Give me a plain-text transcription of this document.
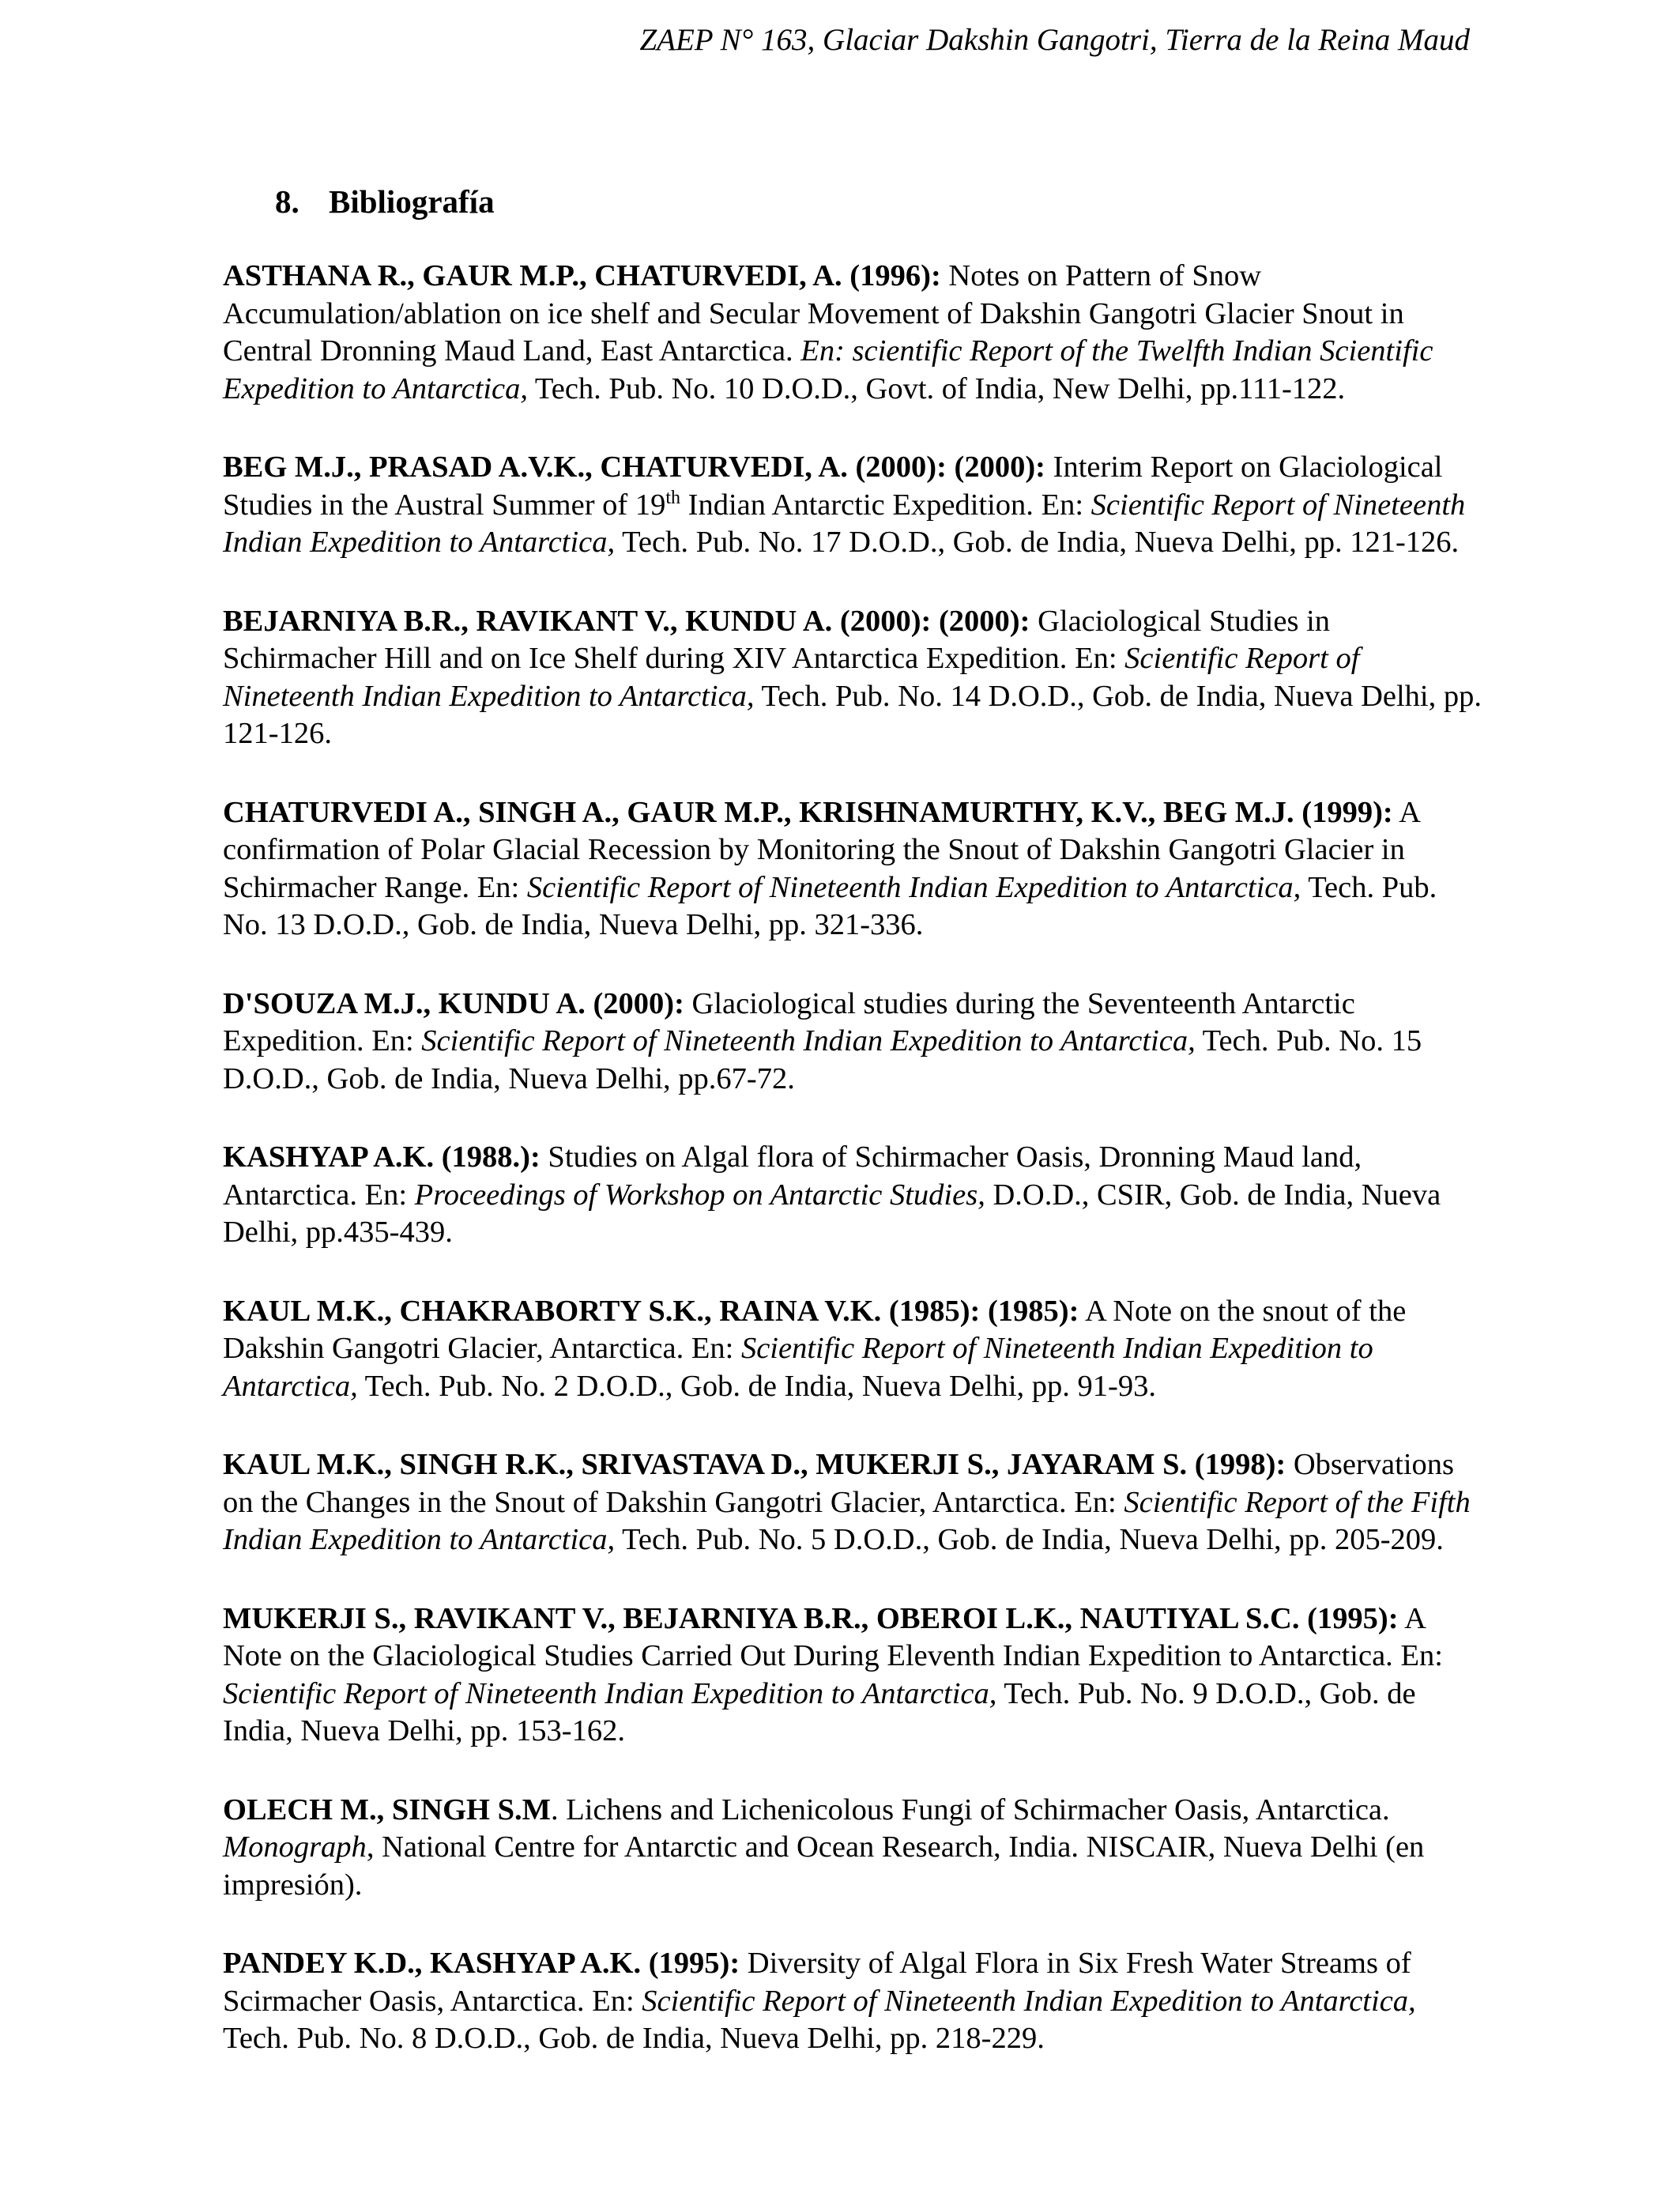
ZAEP N° 163, Glaciar Dakshin Gangotri, Tierra de la Reina Maud
8. Bibliografía
ASTHANA R., GAUR M.P., CHATURVEDI, A. (1996): Notes on Pattern of Snow Accumulation/ablation on ice shelf and Secular Movement of Dakshin Gangotri Glacier Snout in Central Dronning Maud Land, East Antarctica. En: scientific Report of the Twelfth Indian Scientific Expedition to Antarctica, Tech. Pub. No. 10 D.O.D., Govt. of India, New Delhi, pp.111-122.
BEG M.J., PRASAD A.V.K., CHATURVEDI, A. (2000): (2000): Interim Report on Glaciological Studies in the Austral Summer of 19th Indian Antarctic Expedition. En: Scientific Report of Nineteenth Indian Expedition to Antarctica, Tech. Pub. No. 17 D.O.D., Gob. de India, Nueva Delhi, pp. 121-126.
BEJARNIYA B.R., RAVIKANT V., KUNDU A. (2000): (2000): Glaciological Studies in Schirmacher Hill and on Ice Shelf during XIV Antarctica Expedition. En: Scientific Report of Nineteenth Indian Expedition to Antarctica, Tech. Pub. No. 14 D.O.D., Gob. de India, Nueva Delhi, pp. 121-126.
CHATURVEDI A., SINGH A., GAUR M.P., KRISHNAMURTHY, K.V., BEG M.J. (1999): A confirmation of Polar Glacial Recession by Monitoring the Snout of Dakshin Gangotri Glacier in Schirmacher Range. En: Scientific Report of Nineteenth Indian Expedition to Antarctica, Tech. Pub. No. 13 D.O.D., Gob. de India, Nueva Delhi, pp. 321-336.
D'SOUZA M.J., KUNDU A. (2000): Glaciological studies during the Seventeenth Antarctic Expedition. En: Scientific Report of Nineteenth Indian Expedition to Antarctica, Tech. Pub. No. 15 D.O.D., Gob. de India, Nueva Delhi, pp.67-72.
KASHYAP A.K. (1988.): Studies on Algal flora of Schirmacher Oasis, Dronning Maud land, Antarctica. En: Proceedings of Workshop on Antarctic Studies, D.O.D., CSIR, Gob. de India, Nueva Delhi, pp.435-439.
KAUL M.K., CHAKRABORTY S.K., RAINA V.K. (1985): (1985): A Note on the snout of the Dakshin Gangotri Glacier, Antarctica. En: Scientific Report of Nineteenth Indian Expedition to Antarctica, Tech. Pub. No. 2 D.O.D., Gob. de India, Nueva Delhi, pp. 91-93.
KAUL M.K., SINGH R.K., SRIVASTAVA D., MUKERJI S., JAYARAM S. (1998): Observations on the Changes in the Snout of Dakshin Gangotri Glacier, Antarctica. En: Scientific Report of the Fifth Indian Expedition to Antarctica, Tech. Pub. No. 5 D.O.D., Gob. de India, Nueva Delhi, pp. 205-209.
MUKERJI S., RAVIKANT V., BEJARNIYA B.R., OBEROI L.K., NAUTIYAL S.C. (1995): A Note on the Glaciological Studies Carried Out During Eleventh Indian Expedition to Antarctica. En: Scientific Report of Nineteenth Indian Expedition to Antarctica, Tech. Pub. No. 9 D.O.D., Gob. de India, Nueva Delhi, pp. 153-162.
OLECH M., SINGH S.M. Lichens and Lichenicolous Fungi of Schirmacher Oasis, Antarctica. Monograph, National Centre for Antarctic and Ocean Research, India. NISCAIR, Nueva Delhi (en impresión).
PANDEY K.D., KASHYAP A.K. (1995): Diversity of Algal Flora in Six Fresh Water Streams of Scirmacher Oasis, Antarctica. En: Scientific Report of Nineteenth Indian Expedition to Antarctica, Tech. Pub. No. 8 D.O.D., Gob. de India, Nueva Delhi, pp. 218-229.
